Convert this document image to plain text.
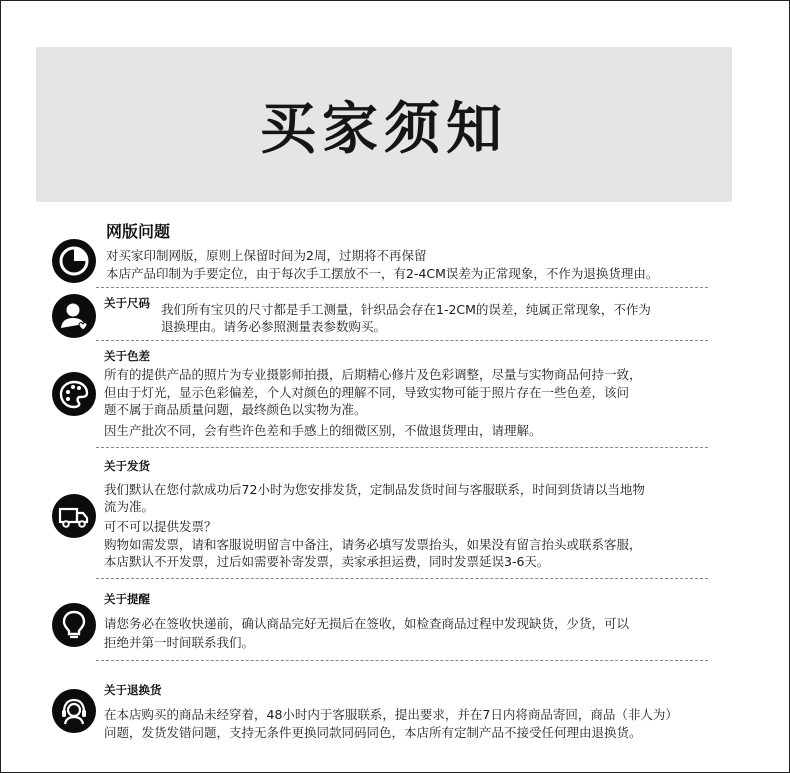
买家须知
网版问题
对买家印制网版，原则上保留时间为2周，过期将不再保留
本店产品印制为手要定位，由于每次手工摆放不一，有2-4CM误差为正常现象，不作为退换货理由。
关于尺码 我们所有宝贝的尺寸都是手工测量，针织品会存在1-2CM的误差，纯属正常现象，不作为
退换理由。请务必参照测量表参数购买。
关于色差
所有的提供产品的照片为专业摄影师拍摄，后期精心修片及色彩调整，尽量与实物商品何持一致，
但由于灯光，显示色彩偏差，个人对颜色的理解不同，导致实物可能于照片存在一些色差，该问
题不属于商品质量问题，最终颜色以实物为准。
因生产批次不同，会有些许色差和手感上的细微区别，不做退货理由，请理解。
关于发货
我们默认在您付款成功后72小时为您安排发货，定制品发货时间与客服联系，时间到货请以当地物
流为准。
可不可以提供发票？
购物如需发票，请和客服说明留言中备注，请务必填写发票抬头，如果没有留言抬头或联系客服，
本店默认不开发票，过后如需要补寄发票，卖家承担运费，同时发票延误3-6天。
关于提醒
请您务必在签收快递前，确认商品完好无损后在签收，如检查商品过程中发现缺货，少货，可以
拒绝并第一时间联系我们。
关于退换货
在本店购买的商品未经穿着，48小时内于客服联系，提出要求，并在7日内将商品寄回，商品（非人为）
问题，发货发错问题，支持无条件更换同款同码同色，本店所有定制产品不接受任何理由退换货。
